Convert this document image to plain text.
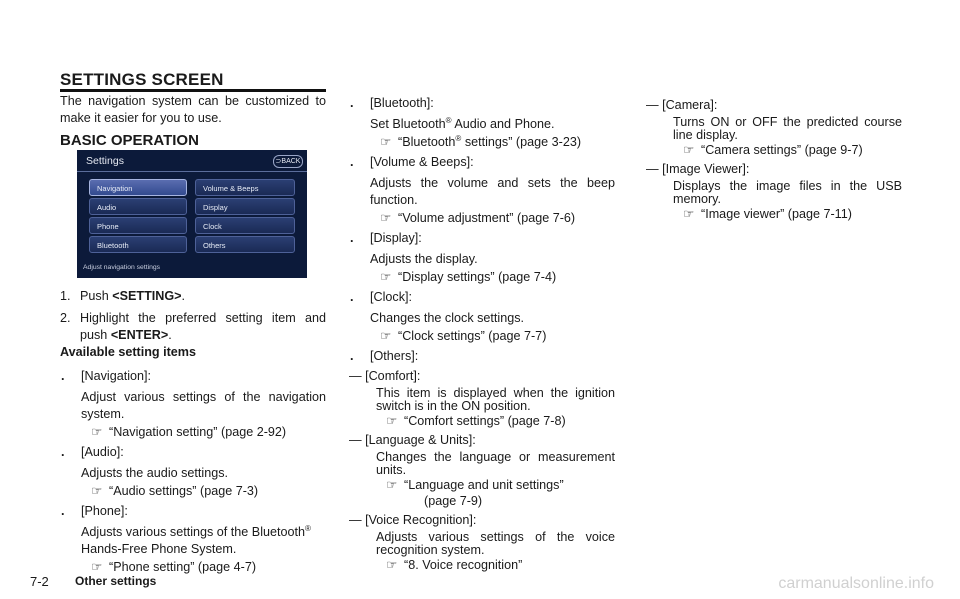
SETTINGS SCREEN
The navigation system can be customized to make it easier for you to use.
BASIC OPERATION
Settings	⊃BACK
Navigation
Audio
Phone
Bluetooth
Volume & Beeps
Display
Clock
Others
Adjust navigation settings
1. Push <SETTING>.
2. Highlight the preferred setting item and push <ENTER>.
Available setting items
. [Navigation]:
Adjust various settings of the navigation system.
☞ “Navigation setting” (page 2-92)
. [Audio]:
Adjusts the audio settings.
☞ “Audio settings” (page 7-3)
. [Phone]:
Adjusts various settings of the Bluetooth®
Hands-Free Phone System.
☞ “Phone setting” (page 4-7)
. [Bluetooth]:
Set Bluetooth® Audio and Phone.
☞ “Bluetooth® settings” (page 3-23)
. [Volume & Beeps]:
Adjusts the volume and sets the beep function.
☞ “Volume adjustment” (page 7-6)
. [Display]:
Adjusts the display.
☞ “Display settings” (page 7-4)
. [Clock]:
Changes the clock settings.
☞ “Clock settings” (page 7-7)
. [Others]:
— [Comfort]:
This item is displayed when the ignition switch is in the ON position.
☞ “Comfort settings” (page 7-8)
— [Language & Units]:
Changes the language or measurement units.
☞ “Language and unit settings”
(page 7-9)
— [Voice Recognition]:
Adjusts various settings of the voice recognition system.
☞ “8. Voice recognition”
— [Camera]:
Turns ON or OFF the predicted course line display.
☞ “Camera settings” (page 9-7)
— [Image Viewer]:
Displays the image files in the USB memory.
☞ “Image viewer” (page 7-11)
7-2 Other settings	carmanualsonline.info
